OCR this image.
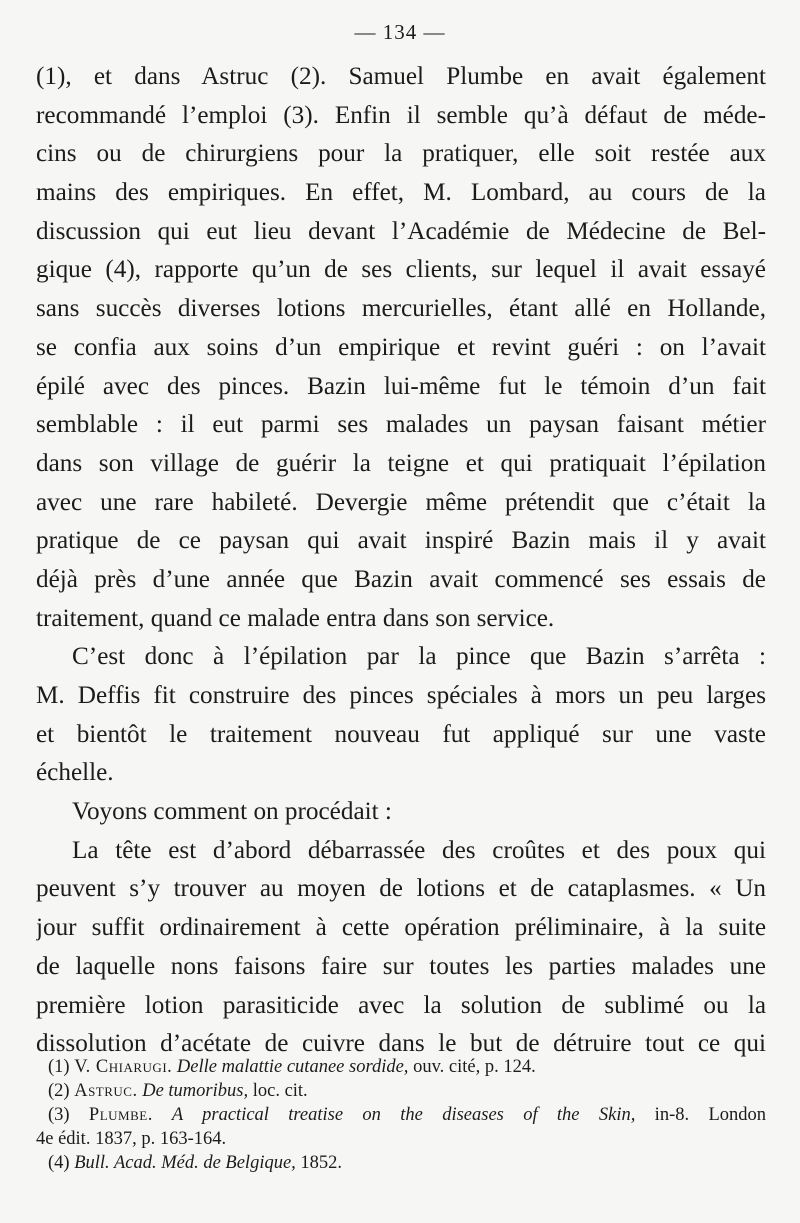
— 134 —
(1), et dans Astruc (2). Samuel Plumbe en avait également
recommandé l’emploi (3). Enfin il semble qu’à défaut de méde-
cins ou de chirurgiens pour la pratiquer, elle soit restée aux
mains des empiriques. En effet, M. Lombard, au cours de la
discussion qui eut lieu devant l’Académie de Médecine de Bel-
gique (4), rapporte qu’un de ses clients, sur lequel il avait essayé
sans succès diverses lotions mercurielles, étant allé en Hollande,
se confia aux soins d’un empirique et revint guéri : on l’avait
épilé avec des pinces. Bazin lui-même fut le témoin d’un fait
semblable : il eut parmi ses malades un paysan faisant métier
dans son village de guérir la teigne et qui pratiquait l’épilation
avec une rare habileté. Devergie même prétendit que c’était la
pratique de ce paysan qui avait inspiré Bazin mais il y avait
déjà près d’une année que Bazin avait commencé ses essais de
traitement, quand ce malade entra dans son service.
C’est donc à l’épilation par la pince que Bazin s’arrêta :
M. Deffis fit construire des pinces spéciales à mors un peu larges
et bientôt le traitement nouveau fut appliqué sur une vaste
échelle.
Voyons comment on procédait :
La tête est d’abord débarrassée des croûtes et des poux qui
peuvent s’y trouver au moyen de lotions et de cataplasmes. « Un
jour suffit ordinairement à cette opération préliminaire, à la suite
de laquelle nons faisons faire sur toutes les parties malades une
première lotion parasiticide avec la solution de sublimé ou la
dissolution d’acétate de cuivre dans le but de détruire tout ce qui
(1) V. Chiarugi. Delle malattie cutanee sordide, ouv. cité, p. 124.
(2) Astruc. De tumoribus, loc. cit.
(3) Plumbe. A practical treatise on the diseases of the Skin, in-8. London
4e édit. 1837, p. 163-164.
(4) Bull. Acad. Méd. de Belgique, 1852.
